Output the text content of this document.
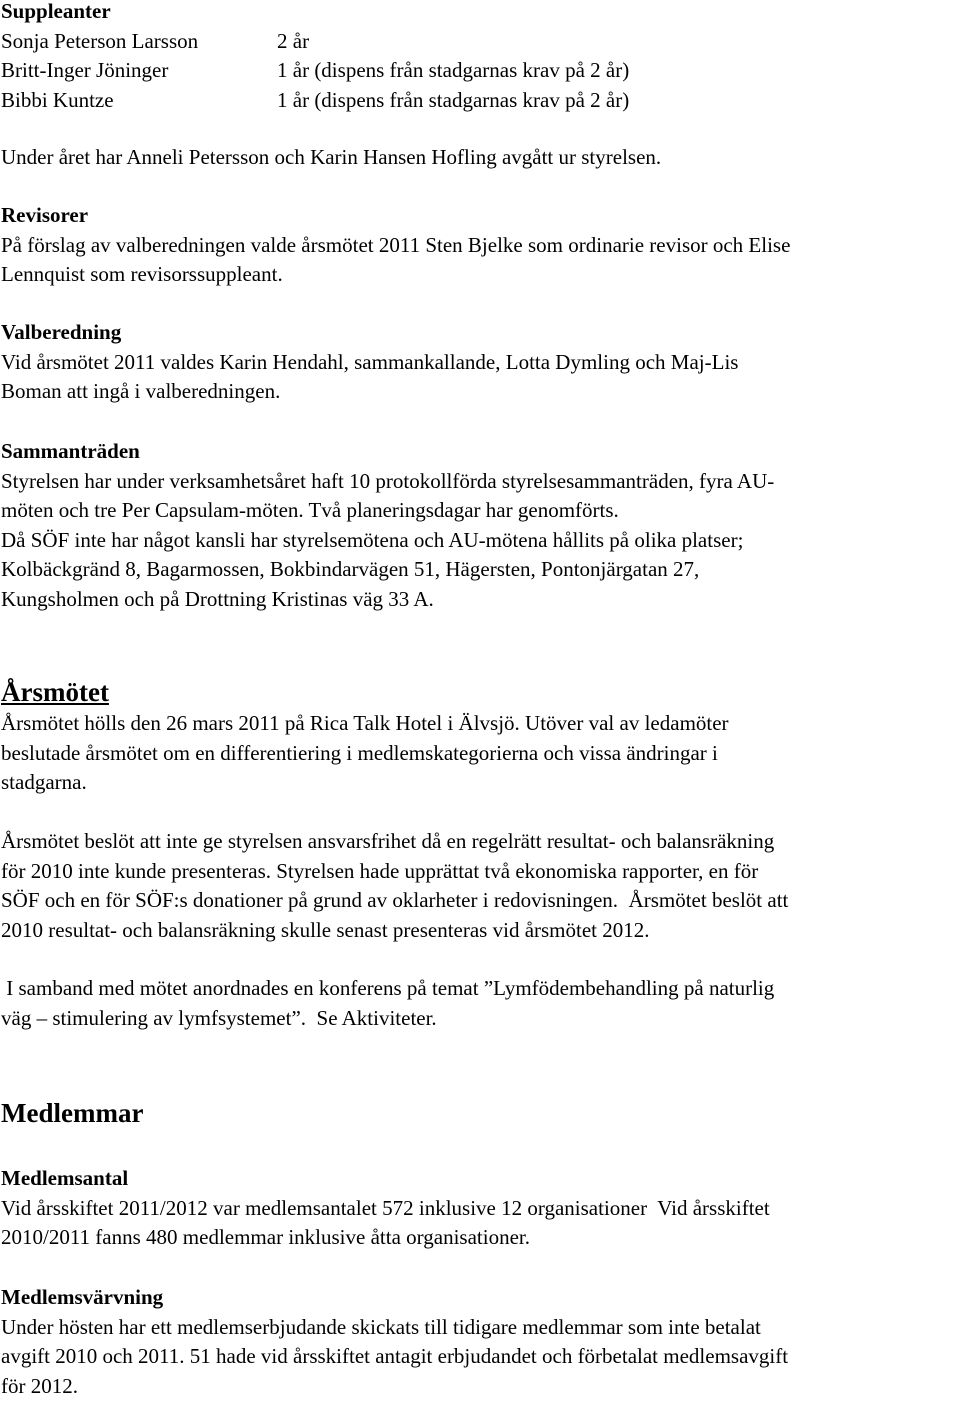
Suppleanter

Sonja Peterson Larsson	2 år
Britt-Inger Jöninger	1 år (dispens från stadgarnas krav på 2 år)
Bibbi Kuntze	1 år (dispens från stadgarnas krav på 2 år)

Under året har Anneli Petersson och Karin Hansen Hofling avgått ur styrelsen.

Revisorer

På förslag av valberedningen valde årsmötet 2011 Sten Bjelke som ordinarie revisor och Elise
Lennquist som revisorssuppleant.

Valberedning

Vid årsmötet 2011 valdes Karin Hendahl, sammankallande, Lotta Dymling och Maj-Lis
Boman att ingå i valberedningen.

Sammanträden

Styrelsen har under verksamhetsåret haft 10 protokollförda styrelsesammanträden, fyra AU-
möten och tre Per Capsulam-möten. Två planeringsdagar har genomförts.
Då SÖF inte har något kansli har styrelsemötena och AU-mötena hållits på olika platser;
Kolbäckgränd 8, Bagarmossen, Bokbindarvägen 51, Hägersten, Pontonjärgatan 27,
Kungsholmen och på Drottning Kristinas väg 33 A.

Årsmötet

Årsmötet hölls den 26 mars 2011 på Rica Talk Hotel i Älvsjö. Utöver val av ledamöter
beslutade årsmötet om en differentiering i medlemskategorierna och vissa ändringar i
stadgarna.
Årsmötet beslöt att inte ge styrelsen ansvarsfrihet då en regelrätt resultat- och balansräkning
för 2010 inte kunde presenteras. Styrelsen hade upprättat två ekonomiska rapporter, en för
SÖF och en för SÖF:s donationer på grund av oklarheter i redovisningen.  Årsmötet beslöt att
2010 resultat- och balansräkning skulle senast presenteras vid årsmötet 2012.
I samband med mötet anordnades en konferens på temat ”Lymfödembehandling på naturlig
väg – stimulering av lymfsystemet”.  Se Aktiviteter.

Medlemmar

Medlemsantal

Vid årsskiftet 2011/2012 var medlemsantalet 572 inklusive 12 organisationer  Vid årsskiftet
2010/2011 fanns 480 medlemmar inklusive åtta organisationer.

Medlemsvärvning

Under hösten har ett medlemserbjudande skickats till tidigare medlemmar som inte betalat
avgift 2010 och 2011. 51 hade vid årsskiftet antagit erbjudandet och förbetalat medlemsavgift
för 2012.
